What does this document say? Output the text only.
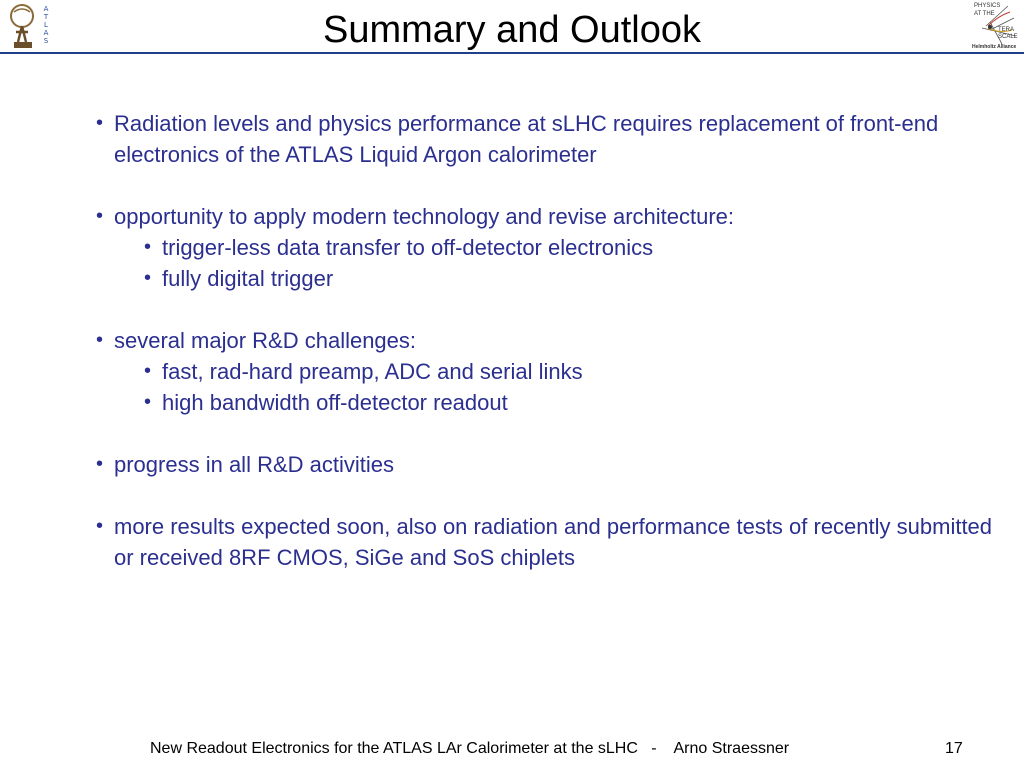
A
T
L
A
S	Summary and Outlook
PHYSICS
AT THE
TERA
SCALE
Helmholtz Alliance
• Radiation levels and physics performance at sLHC requires replacement of front-end electronics of the ATLAS Liquid Argon calorimeter
• opportunity to apply modern technology and revise architecture:
• trigger-less data transfer to off-detector electronics
• fully digital trigger
• several major R&D challenges:
• fast, rad-hard preamp, ADC and serial links
• high bandwidth off-detector readout
• progress in all R&D activities
• more results expected soon, also on radiation and performance tests of recently submitted or received 8RF CMOS, SiGe and SoS chiplets
New Readout Electronics for the ATLAS LAr Calorimeter at the sLHC   -    Arno Straessner	17
